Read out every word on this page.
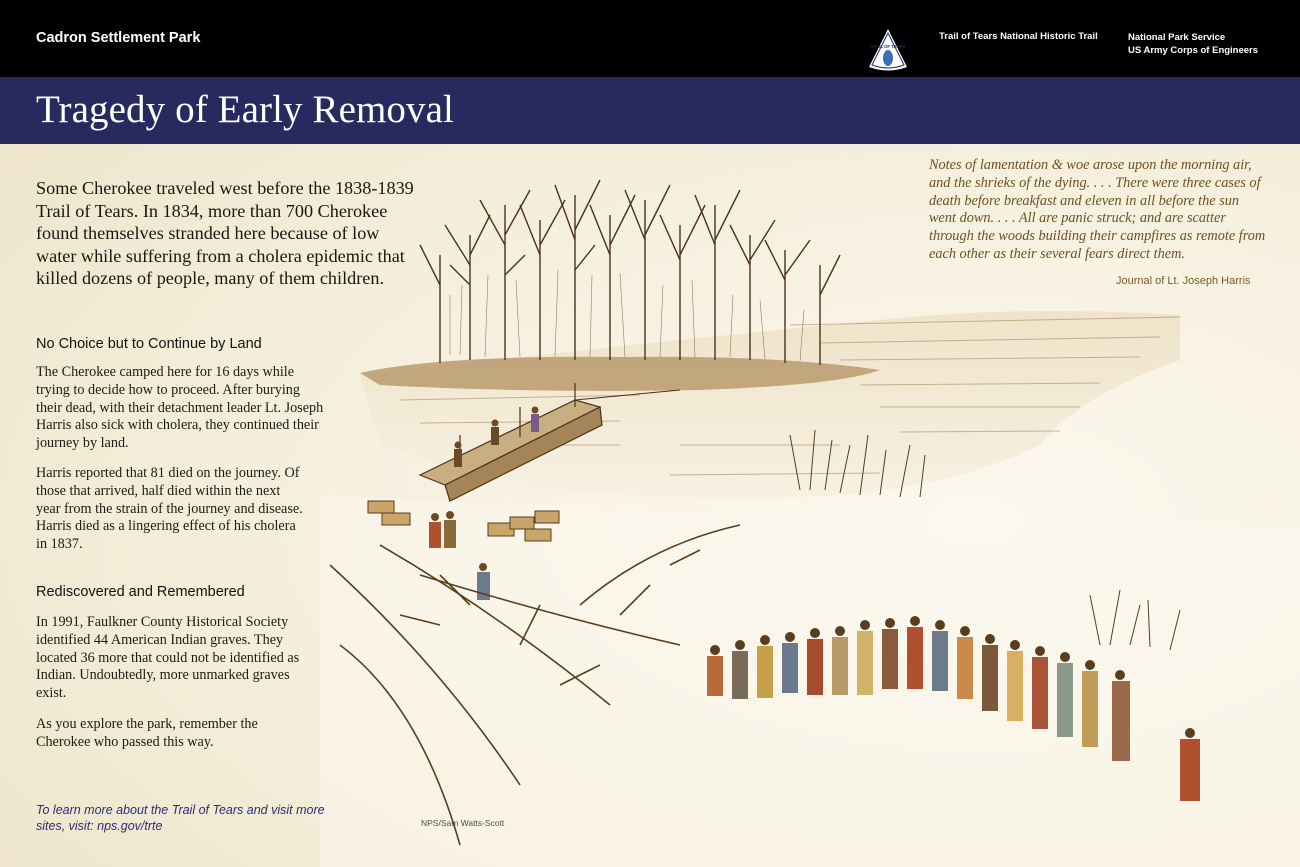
Cadron Settlement Park
TRAIL OF TEARS
Trail of Tears National Historic Trail	National Park Service
US Army Corps of Engineers
Tragedy of Early Removal

Some Cherokee traveled west before the 1838-1839 Trail of Tears. In 1834, more than 700 Cherokee found themselves stranded here because of low water while suffering from a cholera epidemic that killed dozens of people, many of them children.

No Choice but to Continue by Land

The Cherokee camped here for 16 days while trying to decide how to proceed. After burying their dead, with their detachment leader Lt. Joseph Harris also sick with cholera, they continued their journey by land.

Harris reported that 81 died on the journey. Of those that arrived, half died within the next year from the strain of the journey and disease. Harris died as a lingering effect of his cholera in 1837.

Rediscovered and Remembered

In 1991, Faulkner County Historical Society identified 44 American Indian graves. They located 36 more that could not be identified as Indian. Undoubtedly, more unmarked graves exist.

As you explore the park, remember the Cherokee who passed this way.

To learn more about the Trail of Tears and visit more sites, visit: nps.gov/trte

Notes of lamentation & woe arose upon the morning air, and the shrieks of the dying. . . . There were three cases of death before breakfast and eleven in all before the sun went down. . . . All are panic struck; and are scatter through the woods building their campfires as remote from each other as their several fears direct them.

Journal of Lt. Joseph Harris

NPS/Sam Watts-Scott
